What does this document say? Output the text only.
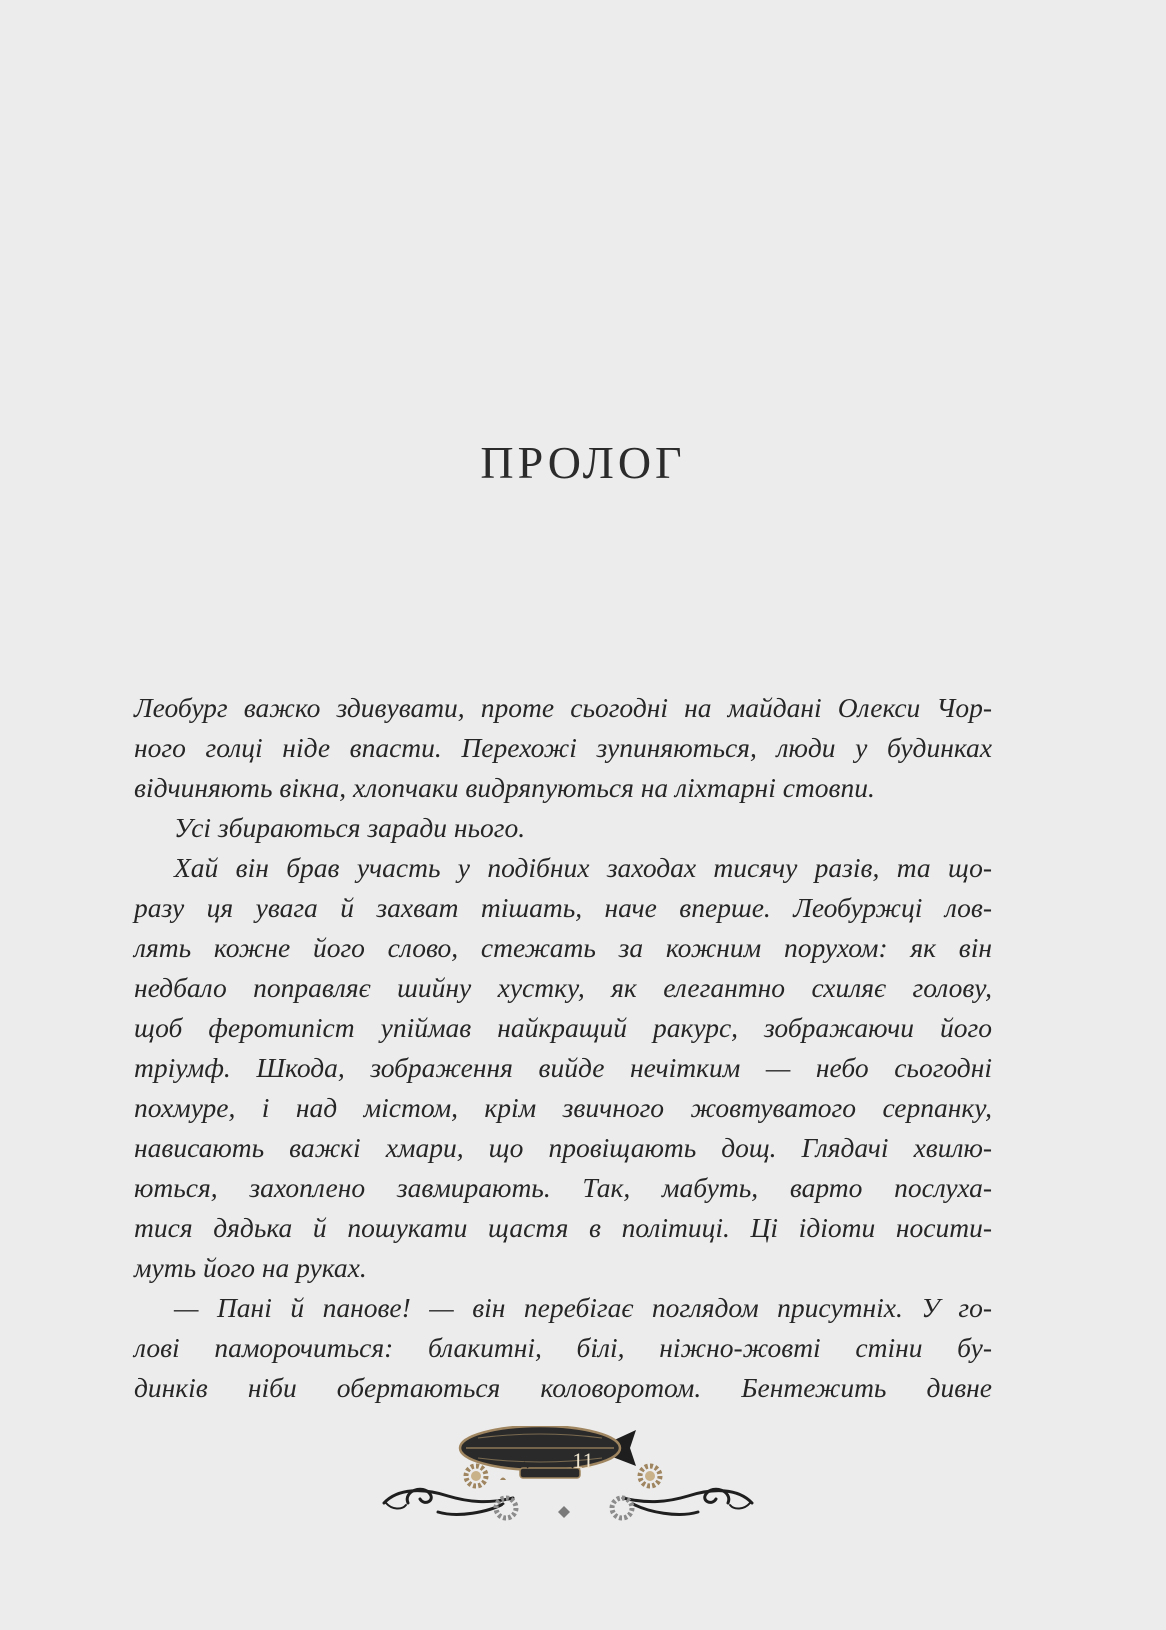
ПРОЛОГ
Леобург важко здивувати, проте сьогодні на майдані Олекси Чор-
ного голці ніде впасти. Перехожі зупиняються, люди у будинках
відчиняють вікна, хлопчаки видряпуються на ліхтарні стовпи.
Усі збираються заради нього.
Хай він брав участь у подібних заходах тисячу разів, та що-
разу ця увага й захват тішать, наче вперше. Леобуржці лов-
лять кожне його слово, стежать за кожним порухом: як він
недбало поправляє шийну хустку, як елегантно схиляє голову,
щоб феротипіст упіймав найкращий ракурс, зображаючи його
тріумф. Шкода, зображення вийде нечітким — небо сьогодні
похмуре, і над містом, крім звичного жовтуватого серпанку,
нависають важкі хмари, що провіщають дощ. Глядачі хвилю-
ються, захоплено завмирають. Так, мабуть, варто послуха-
тися дядька й пошукати щастя в політиці. Ці ідіоти носити-
муть його на руках.
— Пані й панове! — він перебігає поглядом присутніх. У го-
лові паморочиться: блакитні, білі, ніжно-жовті стіни бу-
динків ніби обертаються коловоротом. Бентежить дивне
11
